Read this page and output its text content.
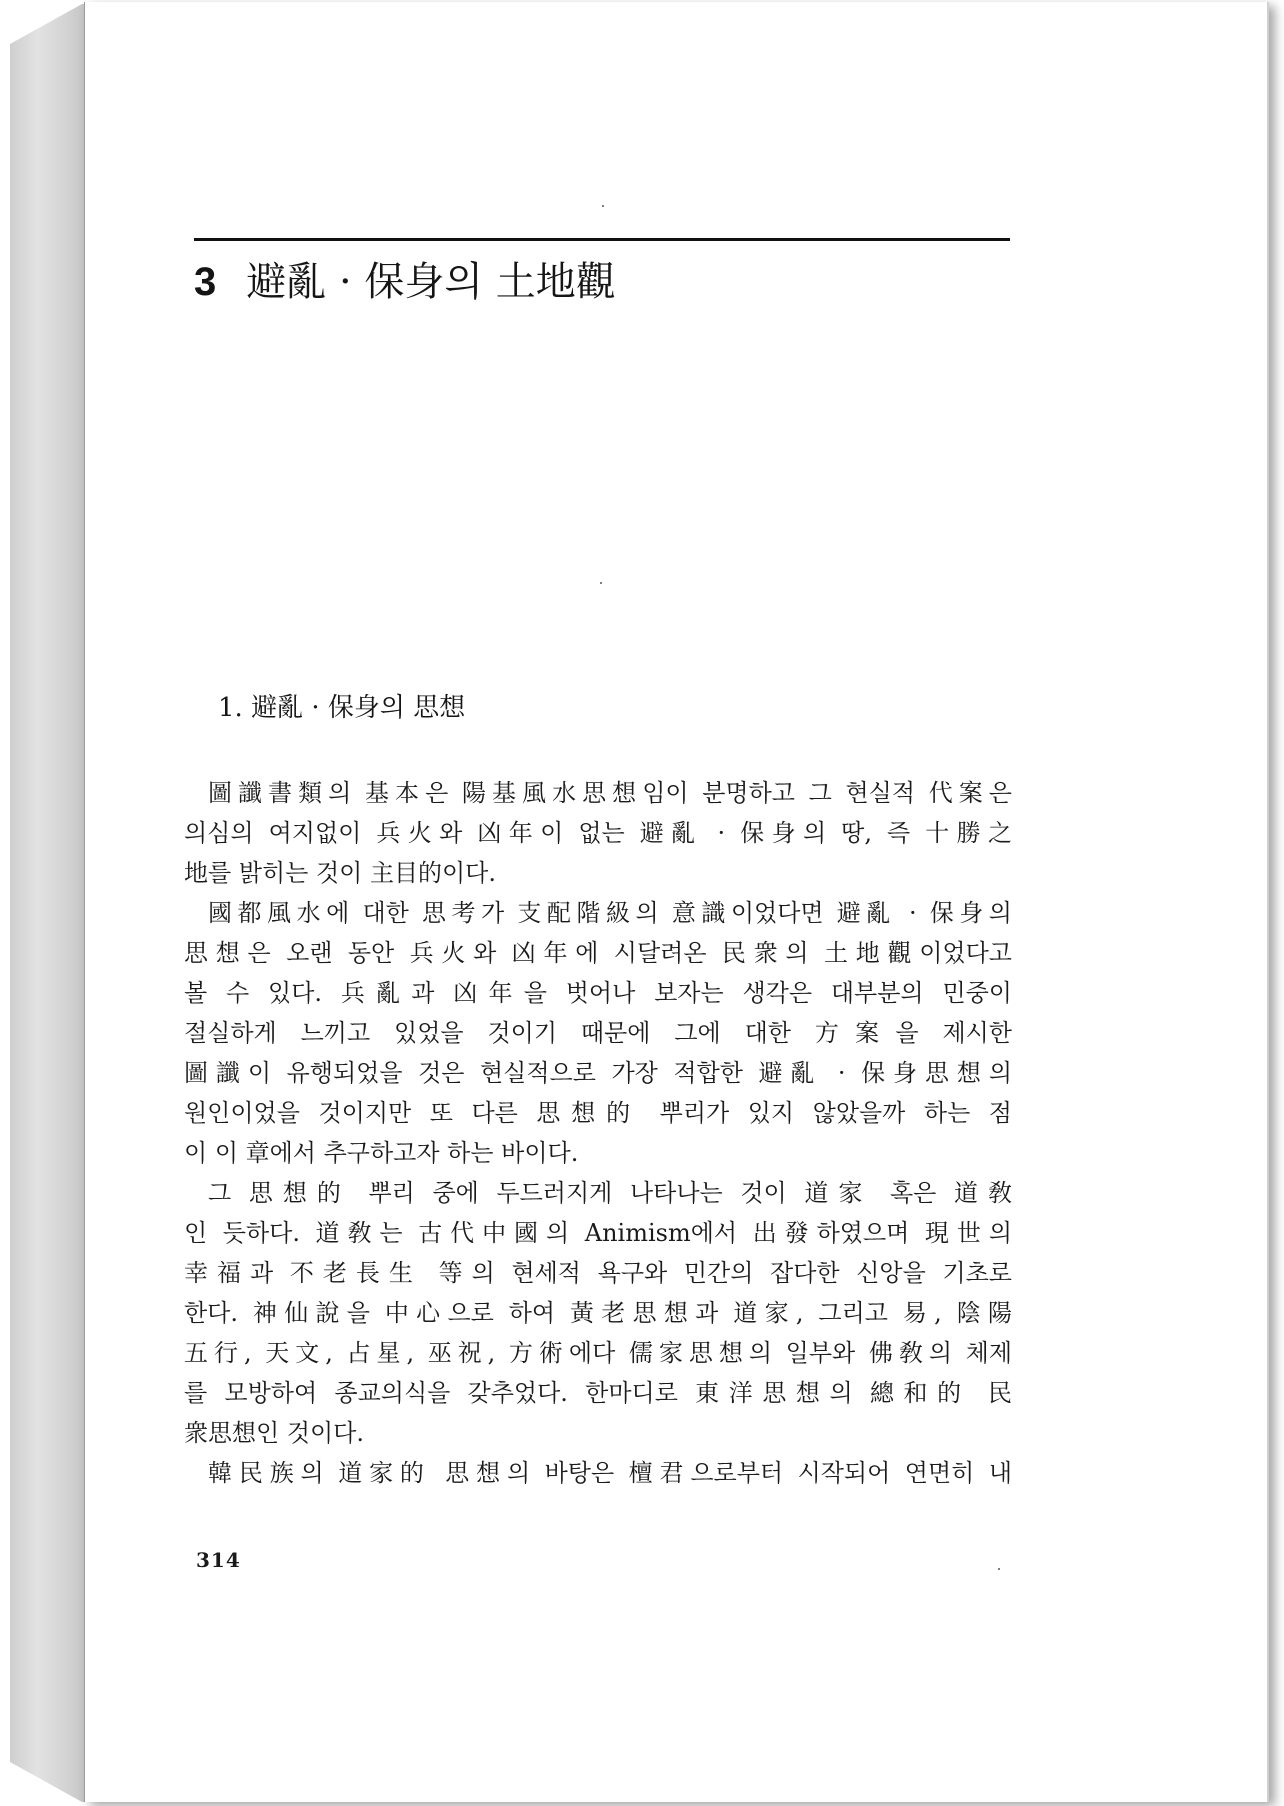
3 避亂 · 保身의 土地觀
1. 避亂 · 保身의 思想
圖讖書類의 基本은 陽基風水思想임이 분명하고 그 현실적 代案은
의심의 여지없이 兵火와 凶年이 없는 避亂 · 保身의 땅, 즉 十勝之
地를 밝히는 것이 主目的이다.
國都風水에 대한 思考가 支配階級의 意識이었다면 避亂 · 保身의
思想은 오랜 동안 兵火와 凶年에 시달려온 民衆의 土地觀이었다고
볼 수 있다. 兵亂과 凶年을 벗어나 보자는 생각은 대부분의 민중이
절실하게 느끼고 있었을 것이기 때문에 그에 대한 方案을 제시한
圖讖이 유행되었을 것은 현실적으로 가장 적합한 避亂 · 保身思想의
원인이었을 것이지만 또 다른 思想的 뿌리가 있지 않았을까 하는 점
이 이 章에서 추구하고자 하는 바이다.
그 思想的 뿌리 중에 두드러지게 나타나는 것이 道家 혹은 道敎
인 듯하다. 道敎는 古代中國의 Animism에서 出發하였으며 現世의
幸福과 不老長生 等의 현세적 욕구와 민간의 잡다한 신앙을 기초로
한다. 神仙說을 中心으로 하여 黃老思想과 道家, 그리고 易, 陰陽
五行, 天文, 占星, 巫祝, 方術에다 儒家思想의 일부와 佛敎의 체제
를 모방하여 종교의식을 갖추었다. 한마디로 東洋思想의 總和的 民
衆思想인 것이다.
韓民族의 道家的 思想의 바탕은 檀君으로부터 시작되어 연면히 내
314
